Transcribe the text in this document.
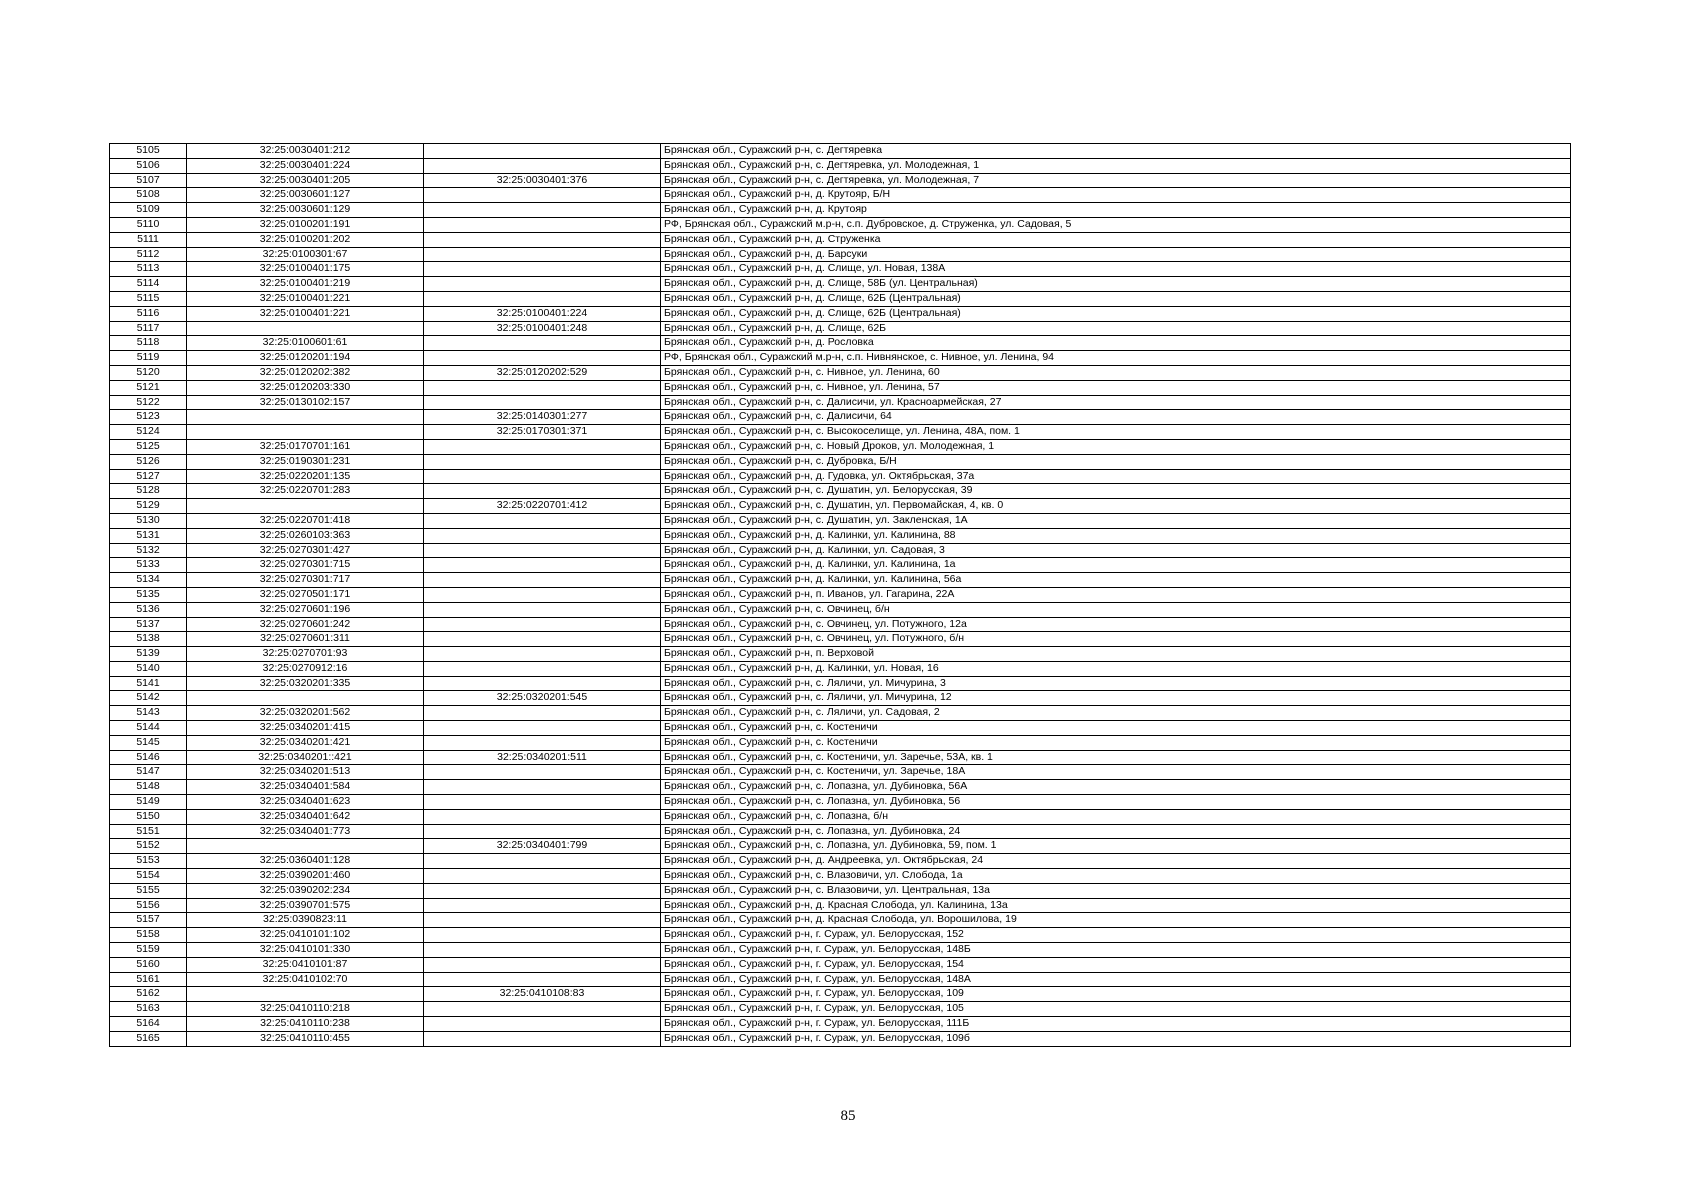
5105	32:25:0030401:212		Брянская обл., Суражский р-н, с. Дегтяревка
5106	32:25:0030401:224		Брянская обл., Суражский р-н, с. Дегтяревка, ул. Молодежная, 1
5107	32:25:0030401:205	32:25:0030401:376	Брянская обл., Суражский р-н, с. Дегтяревка, ул. Молодежная, 7
5108	32:25:0030601:127		Брянская обл., Суражский р-н, д. Крутояр, Б/Н
5109	32:25:0030601:129		Брянская обл., Суражский р-н, д. Крутояр
5110	32:25:0100201:191		РФ, Брянская обл., Суражский м.р-н, с.п. Дубровское, д. Струженка, ул. Садовая, 5
5111	32:25:0100201:202		Брянская обл., Суражский р-н, д. Струженка
5112	32:25:0100301:67		Брянская обл., Суражский р-н, д. Барсуки
5113	32:25:0100401:175		Брянская обл., Суражский р-н, д. Слище, ул. Новая, 138А
5114	32:25:0100401:219		Брянская обл., Суражский р-н, д. Слище, 58Б (ул. Центральная)
5115	32:25:0100401:221		Брянская обл., Суражский р-н, д. Слище, 62Б (Центральная)
5116	32:25:0100401:221	32:25:0100401:224	Брянская обл., Суражский р-н, д. Слище, 62Б (Центральная)
5117		32:25:0100401:248	Брянская обл., Суражский р-н, д. Слище, 62Б
5118	32:25:0100601:61		Брянская обл., Суражский р-н, д. Рословка
5119	32:25:0120201:194		РФ, Брянская обл., Суражский м.р-н, с.п. Нивнянское, с. Нивное, ул. Ленина, 94
5120	32:25:0120202:382	32:25:0120202:529	Брянская обл., Суражский р-н, с. Нивное, ул. Ленина, 60
5121	32:25:0120203:330		Брянская обл., Суражский р-н, с. Нивное, ул. Ленина, 57
5122	32:25:0130102:157		Брянская обл., Суражский р-н, с. Далисичи, ул. Красноармейская, 27
5123		32:25:0140301:277	Брянская обл., Суражский р-н, с. Далисичи, 64
5124		32:25:0170301:371	Брянская обл., Суражский р-н, с. Высокоселище, ул. Ленина, 48А, пом. 1
5125	32:25:0170701:161		Брянская обл., Суражский р-н, с. Новый Дроков, ул. Молодежная, 1
5126	32:25:0190301:231		Брянская обл., Суражский р-н, с. Дубровка, Б/Н
5127	32:25:0220201:135		Брянская обл., Суражский р-н, д. Гудовка, ул. Октябрьская, 37а
5128	32:25:0220701:283		Брянская обл., Суражский р-н, с. Душатин, ул. Белорусская, 39
5129		32:25:0220701:412	Брянская обл., Суражский р-н, с. Душатин, ул. Первомайская, 4, кв. 0
5130	32:25:0220701:418		Брянская обл., Суражский р-н, с. Душатин, ул. Закленская, 1А
5131	32:25:0260103:363		Брянская обл., Суражский р-н, д. Калинки, ул. Калинина, 88
5132	32:25:0270301:427		Брянская обл., Суражский р-н, д. Калинки, ул. Садовая, 3
5133	32:25:0270301:715		Брянская обл., Суражский р-н, д. Калинки, ул. Калинина, 1а
5134	32:25:0270301:717		Брянская обл., Суражский р-н, д. Калинки, ул. Калинина, 56а
5135	32:25:0270501:171		Брянская обл., Суражский р-н, п. Иванов, ул. Гагарина, 22А
5136	32:25:0270601:196		Брянская обл., Суражский р-н, с. Овчинец, б/н
5137	32:25:0270601:242		Брянская обл., Суражский р-н, с. Овчинец, ул. Потужного, 12а
5138	32:25:0270601:311		Брянская обл., Суражский р-н, с. Овчинец, ул. Потужного, б/н
5139	32:25:0270701:93		Брянская обл., Суражский р-н, п. Верховой
5140	32:25:0270912:16		Брянская обл., Суражский р-н, д. Калинки, ул. Новая, 16
5141	32:25:0320201:335		Брянская обл., Суражский р-н, с. Ляличи, ул. Мичурина, 3
5142		32:25:0320201:545	Брянская обл., Суражский р-н, с. Ляличи, ул. Мичурина, 12
5143	32:25:0320201:562		Брянская обл., Суражский р-н, с. Ляличи, ул. Садовая, 2
5144	32:25:0340201:415		Брянская обл., Суражский р-н, с. Костеничи
5145	32:25:0340201:421		Брянская обл., Суражский р-н, с. Костеничи
5146	32:25:0340201::421	32:25:0340201:511	Брянская обл., Суражский р-н, с. Костеничи, ул. Заречье, 53А, кв. 1
5147	32:25:0340201:513		Брянская обл., Суражский р-н, с. Костеничи, ул. Заречье, 18А
5148	32:25:0340401:584		Брянская обл., Суражский р-н, с. Лопазна, ул. Дубиновка, 56А
5149	32:25:0340401:623		Брянская обл., Суражский р-н, с. Лопазна, ул. Дубиновка, 56
5150	32:25:0340401:642		Брянская обл., Суражский р-н, с. Лопазна, б/н
5151	32:25:0340401:773		Брянская обл., Суражский р-н, с. Лопазна, ул. Дубиновка, 24
5152		32:25:0340401:799	Брянская обл., Суражский р-н, с. Лопазна, ул. Дубиновка, 59, пом. 1
5153	32:25:0360401:128		Брянская обл., Суражский р-н, д. Андреевка, ул. Октябрьская, 24
5154	32:25:0390201:460		Брянская обл., Суражский р-н, с. Влазовичи, ул. Слобода, 1а
5155	32:25:0390202:234		Брянская обл., Суражский р-н, с. Влазовичи, ул. Центральная, 13а
5156	32:25:0390701:575		Брянская обл., Суражский р-н, д. Красная Слобода, ул. Калинина, 13а
5157	32:25:0390823:11		Брянская обл., Суражский р-н, д. Красная Слобода, ул. Ворошилова, 19
5158	32:25:0410101:102		Брянская обл., Суражский р-н, г. Сураж, ул. Белорусская, 152
5159	32:25:0410101:330		Брянская обл., Суражский р-н, г. Сураж, ул. Белорусская, 148Б
5160	32:25:0410101:87		Брянская обл., Суражский р-н, г. Сураж, ул. Белорусская, 154
5161	32:25:0410102:70		Брянская обл., Суражский р-н, г. Сураж, ул. Белорусская, 148А
5162		32:25:0410108:83	Брянская обл., Суражский р-н, г. Сураж, ул. Белорусская, 109
5163	32:25:0410110:218		Брянская обл., Суражский р-н, г. Сураж, ул. Белорусская, 105
5164	32:25:0410110:238		Брянская обл., Суражский р-н, г. Сураж, ул. Белорусская, 111Б
5165	32:25:0410110:455		Брянская обл., Суражский р-н, г. Сураж, ул. Белорусская, 109б
85
